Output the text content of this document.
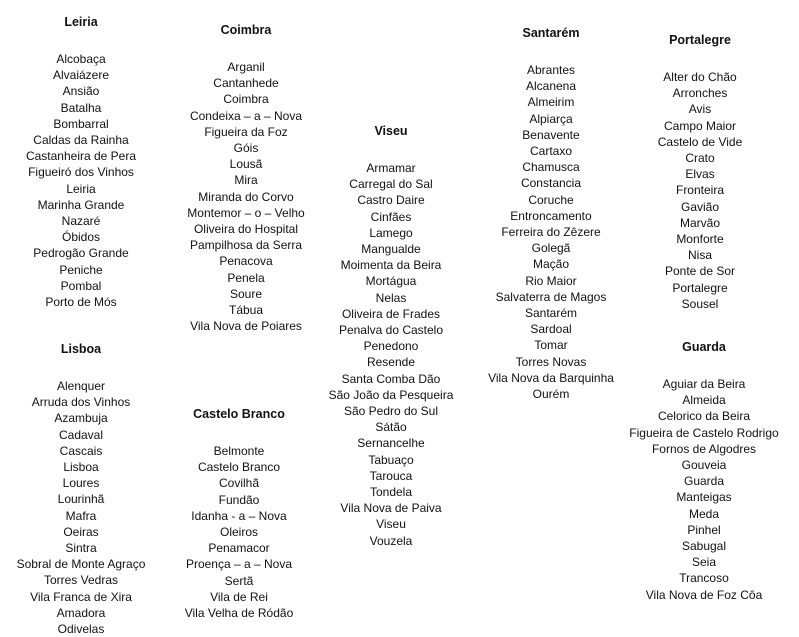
Leiria
Alcobaça
Alvaiázere
Ansião
Batalha
Bombarral
Caldas da Rainha
Castanheira de Pera
Figueiró dos Vinhos
Leiria
Marinha Grande
Nazaré
Óbidos
Pedrogão Grande
Peniche
Pombal
Porto de Mós
Lisboa
Alenquer
Arruda dos Vinhos
Azambuja
Cadaval
Cascais
Lisboa
Loures
Lourinhã
Mafra
Oeiras
Sintra
Sobral de Monte Agraço
Torres Vedras
Vila Franca de Xira
Amadora
Odivelas
Coimbra
Arganil
Cantanhede
Coimbra
Condeixa – a – Nova
Figueira da Foz
Góis
Lousã
Mira
Miranda do Corvo
Montemor – o – Velho
Oliveira do Hospital
Pampilhosa da Serra
Penacova
Penela
Soure
Tábua
Vila Nova de Poiares
Castelo Branco
Belmonte
Castelo Branco
Covilhã
Fundão
Idanha - a – Nova
Oleiros
Penamacor
Proença – a – Nova
Sertã
Vila de Rei
Vila Velha de Ródão
Viseu
Armamar
Carregal do Sal
Castro Daire
Cinfães
Lamego
Mangualde
Moimenta da Beira
Mortágua
Nelas
Oliveira de Frades
Penalva do Castelo
Penedono
Resende
Santa Comba Dão
São João da Pesqueira
São Pedro do Sul
Sátão
Sernancelhe
Tabuaço
Tarouca
Tondela
Vila Nova de Paiva
Viseu
Vouzela
Santarém
Abrantes
Alcanena
Almeirim
Alpiarça
Benavente
Cartaxo
Chamusca
Constancia
Coruche
Entroncamento
Ferreira do Zêzere
Golegã
Mação
Rio Maior
Salvaterra de Magos
Santarém
Sardoal
Tomar
Torres Novas
Vila Nova da Barquinha
Ourém
Portalegre
Alter do Chão
Arronches
Avis
Campo Maior
Castelo de Vide
Crato
Elvas
Fronteira
Gavião
Marvão
Monforte
Nisa
Ponte de Sor
Portalegre
Sousel
Guarda
Aguiar da Beira
Almeida
Celorico da Beira
Figueira de Castelo Rodrigo
Fornos de Algodres
Gouveia
Guarda
Manteigas
Meda
Pinhel
Sabugal
Seia
Trancoso
Vila Nova de Foz Côa
